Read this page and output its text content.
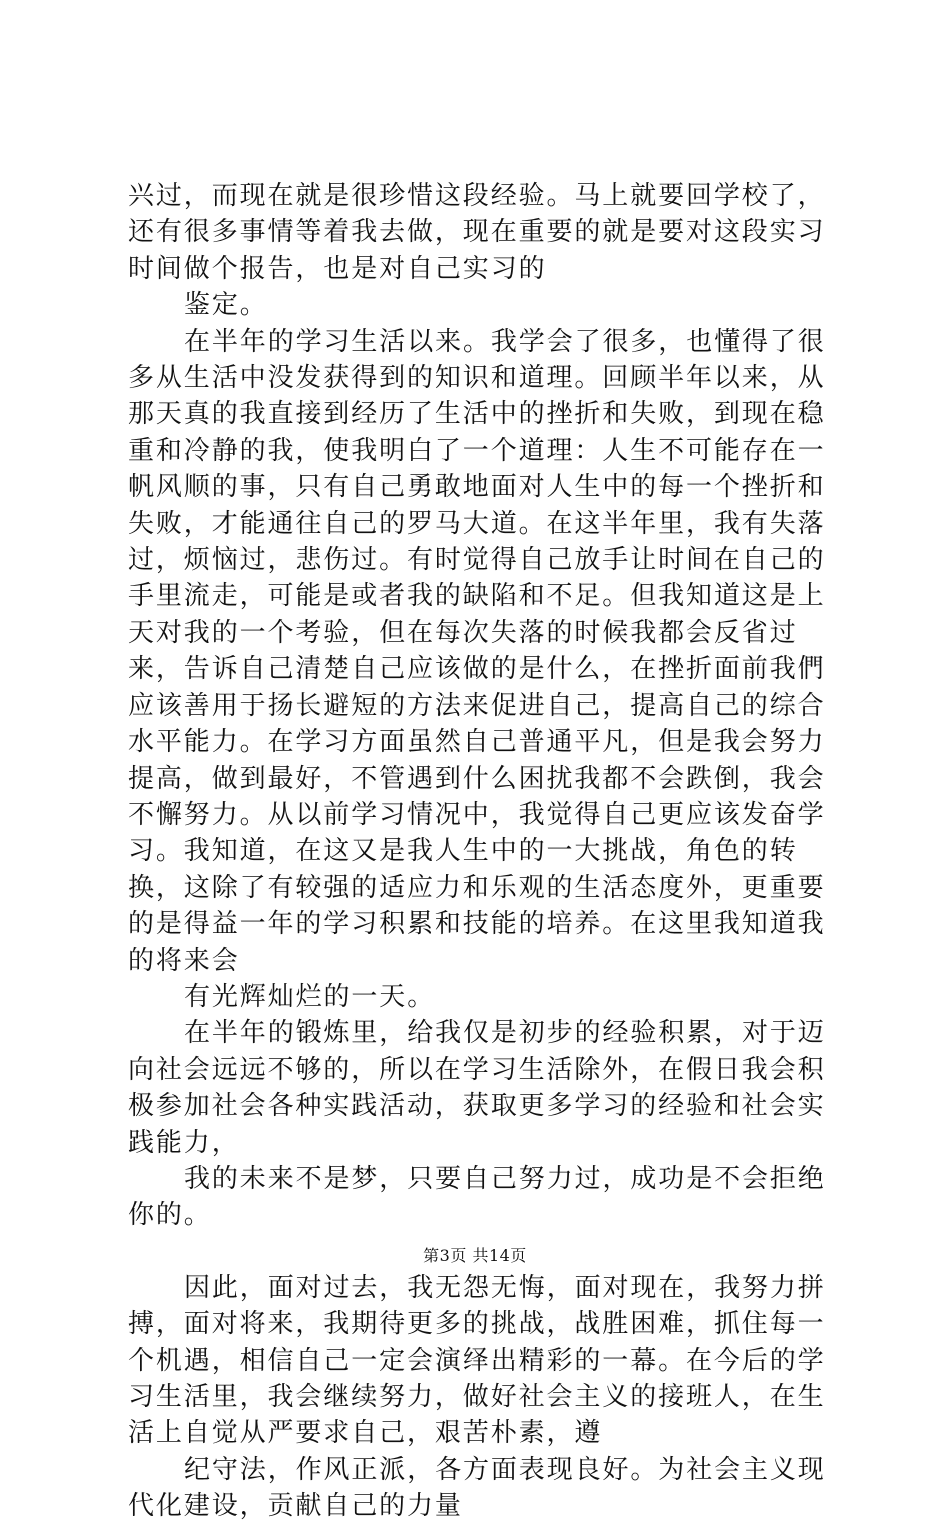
兴过，而现在就是很珍惜这段经验。马上就要回学校了，还有很多事情等着我去做，现在重要的就是要对这段实习时间做个报告，也是对自己实习的

鉴定。

在半年的学习生活以来。我学会了很多，也懂得了很多从生活中没发获得到的知识和道理。回顾半年以来，从那天真的我直接到经历了生活中的挫折和失败，到现在稳重和冷静的我，使我明白了一个道理：人生不可能存在一帆风顺的事，只有自己勇敢地面对人生中的每一个挫折和失败，才能通往自己的罗马大道。在这半年里，我有失落过，烦恼过，悲伤过。有时觉得自己放手让时间在自己的手里流走，可能是或者我的缺陷和不足。但我知道这是上天对我的一个考验，但在每次失落的时候我都会反省过来，告诉自己清楚自己应该做的是什么，在挫折面前我們应该善用于扬长避短的方法来促进自己，提高自己的综合水平能力。在学习方面虽然自己普通平凡，但是我会努力提高，做到最好，不管遇到什么困扰我都不会跌倒，我会不懈努力。从以前学习情况中，我觉得自己更应该发奋学习。我知道，在这又是我人生中的一大挑战，角色的转换，这除了有较强的适应力和乐观的生活态度外，更重要的是得益一年的学习积累和技能的培养。在这里我知道我的将来会

有光辉灿烂的一天。

在半年的锻炼里，给我仅是初步的经验积累，对于迈向社会远远不够的，所以在学习生活除外，在假日我会积极参加社会各种实践活动，获取更多学习的经验和社会实践能力，

我的未来不是梦，只要自己努力过，成功是不会拒绝你的。

因此，面对过去，我无怨无悔，面对现在，我努力拼搏，面对将来，我期待更多的挑战，战胜困难，抓住每一个机遇，相信自己一定会演绎出精彩的一幕。在今后的学习生活里，我会继续努力，做好社会主义的接班人，在生活上自觉从严要求自己，艰苦朴素，遵

纪守法，作风正派，各方面表现良好。为社会主义现代化建设，贡献自己的力量

第3页 共14页
